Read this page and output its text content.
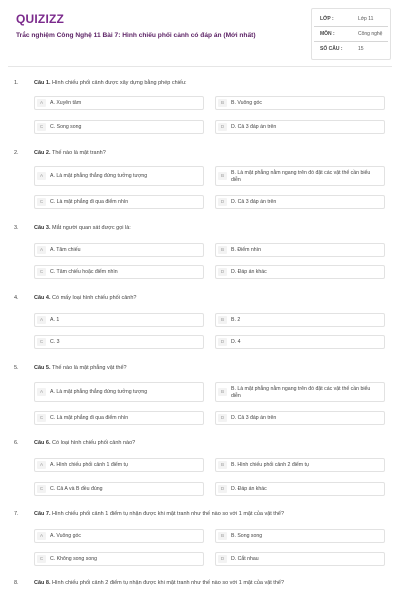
QUIZIZZ
Trắc nghiệm Công Nghệ 11 Bài 7: Hình chiếu phối cảnh có đáp án (Mới nhất)
LỚP :	Lớp 11
MÔN :	Công nghệ
SỐ CÂU :	15
1.	Câu 1. Hình chiếu phối cảnh được xây dựng bằng phép chiếu:
A	A. Xuyên tâm	B	B. Vuông góc
C	C. Song song	D	D. Cả 3 đáp án trên
2.	Câu 2. Thế nào là mặt tranh?
A	A. Là mặt phẳng thẳng đứng tưởng tượng	B	B. Là mặt phẳng nằm ngang trên đó đặt các vật thể cần biểu diễn
C	C. Là mặt phẳng đi qua điểm nhìn	D	D. Cả 3 đáp án trên
3.	Câu 3. Mắt người quan sát được gọi là:
A	A. Tâm chiếu	B	B. Điểm nhìn
C	C. Tâm chiếu hoặc điểm nhìn	D	D. Đáp án khác
4.	Câu 4. Có mấy loại hình chiếu phối cảnh?
A	A. 1	B	B. 2
C	C. 3	D	D. 4
5.	Câu 5. Thế nào là mặt phẳng vật thể?
A	A. Là mặt phẳng thẳng đứng tưởng tượng	B	B. Là mặt phẳng nằm ngang trên đó đặt các vật thể cần biểu diễn
C	C. Là mặt phẳng đi qua điểm nhìn	D	D. Cả 3 đáp án trên
6.	Câu 6. Có loại hình chiếu phối cảnh nào?
A	A. Hình chiếu phối cảnh 1 điểm tụ	B	B. Hình chiếu phối cảnh 2 điểm tụ
C	C. Cả A và B đều đúng	D	D. Đáp án khác
7.	Câu 7. Hình chiếu phối cảnh 1 điểm tụ nhận được khi mặt tranh như thế nào so với 1 mặt của vật thể?
A	A. Vuông góc	B	B. Song song
C	C. Không song song	D	D. Cắt nhau
8.	Câu 8. Hình chiếu phối cảnh 2 điểm tụ nhận được khi mặt tranh như thế nào so với 1 mặt của vật thể?
